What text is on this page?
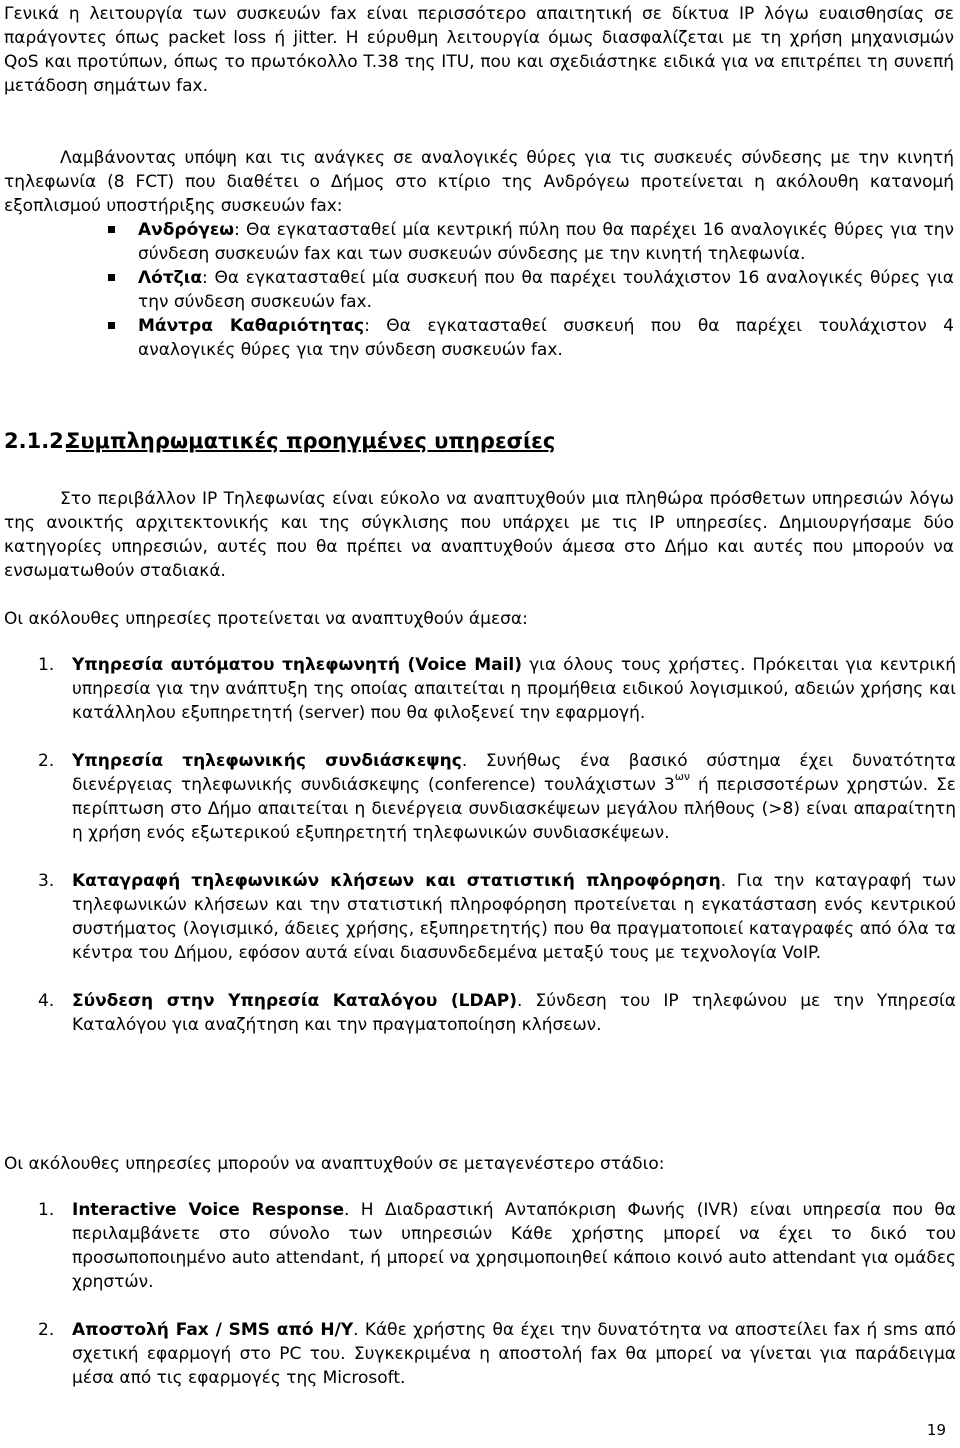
Γενικά η λειτουργία των συσκευών fax είναι περισσότερο απαιτητική σε δίκτυα IP λόγω ευαισθησίας σε παράγοντες όπως packet loss ή jitter. Η εύρυθμη λειτουργία όμως διασφαλίζεται με τη χρήση μηχανισμών QoS και προτύπων, όπως το πρωτόκολλο T.38 της ITU, που και σχεδιάστηκε ειδικά για να επιτρέπει τη συνεπή μετάδοση σημάτων fax.

Λαμβάνοντας υπόψη και τις ανάγκες σε αναλογικές θύρες για τις συσκευές σύνδεσης με την κινητή τηλεφωνία (8 FCT) που διαθέτει ο Δήμος στο κτίριο της Ανδρόγεω προτείνεται η ακόλουθη κατανομή εξοπλισμού υποστήριξης συσκευών fax:

Ανδρόγεω: Θα εγκατασταθεί μία κεντρική πύλη που θα παρέχει 16 αναλογικές θύρες για την σύνδεση συσκευών fax και των συσκευών σύνδεσης με την κινητή τηλεφωνία.
Λότζια: Θα εγκατασταθεί μία συσκευή που θα παρέχει τουλάχιστον 16 αναλογικές θύρες για την σύνδεση συσκευών fax.
Μάντρα Καθαριότητας: Θα εγκατασταθεί συσκευή που θα παρέχει τουλάχιστον 4 αναλογικές θύρες για την σύνδεση συσκευών fax.
2.1.2.Συμπληρωματικές προηγμένες υπηρεσίες

Στο περιβάλλον IP Τηλεφωνίας είναι εύκολο να αναπτυχθούν μια πληθώρα πρόσθετων υπηρεσιών λόγω της ανοικτής αρχιτεκτονικής και της σύγκλισης που υπάρχει με τις IP υπηρεσίες. Δημιουργήσαμε δύο κατηγορίες υπηρεσιών, αυτές που θα πρέπει να αναπτυχθούν άμεσα στο Δήμο και αυτές που μπορούν να ενσωματωθούν σταδιακά.

Οι ακόλουθες υπηρεσίες προτείνεται να αναπτυχθούν άμεσα:

1. Υπηρεσία αυτόματου τηλεφωνητή (Voice Mail) για όλους τους χρήστες. Πρόκειται για κεντρική υπηρεσία για την ανάπτυξη της οποίας απαιτείται η προμήθεια ειδικού λογισμικού, αδειών χρήσης και κατάλληλου εξυπηρετητή (server) που θα φιλοξενεί την εφαρμογή.
2. Υπηρεσία τηλεφωνικής συνδιάσκεψης. Συνήθως ένα βασικό σύστημα έχει δυνατότητα διενέργειας τηλεφωνικής συνδιάσκεψης (conference) τουλάχιστων $3^{\omega\nu}$ ή περισσοτέρων χρηστών. Σε περίπτωση στο Δήμο απαιτείται η διενέργεια συνδιασκέψεων μεγάλου πλήθους (>8) είναι απαραίτητη η χρήση ενός εξωτερικού εξυπηρετητή τηλεφωνικών συνδιασκέψεων.
3. Καταγραφή τηλεφωνικών κλήσεων και στατιστική πληροφόρηση. Για την καταγραφή των τηλεφωνικών κλήσεων και την στατιστική πληροφόρηση προτείνεται η εγκατάσταση ενός κεντρικού συστήματος (λογισμικό, άδειες χρήσης, εξυπηρετητής) που θα πραγματοποιεί καταγραφές από όλα τα κέντρα του Δήμου, εφόσον αυτά είναι διασυνδεδεμένα μεταξύ τους με τεχνολογία VoIP.
4. Σύνδεση στην Υπηρεσία Καταλόγου (LDAP). Σύνδεση του IP τηλεφώνου με την Υπηρεσία Καταλόγου για αναζήτηση και την πραγματοποίηση κλήσεων.

Οι ακόλουθες υπηρεσίες μπορούν να αναπτυχθούν σε μεταγενέστερο στάδιο:

1. Interactive Voice Response. Η Διαδραστική Ανταπόκριση Φωνής (IVR) είναι υπηρεσία που θα περιλαμβάνετε στο σύνολο των υπηρεσιών Κάθε χρήστης μπορεί να έχει το δικό του προσωποποιημένο auto attendant, ή μπορεί να χρησιμοποιηθεί κάποιο κοινό auto attendant για ομάδες χρηστών.
2. Αποστολή Fax / SMS από Η/Υ. Κάθε χρήστης θα έχει την δυνατότητα να αποστείλει fax ή sms από σχετική εφαρμογή στο PC του. Συγκεκριμένα η αποστολή fax θα μπορεί να γίνεται για παράδειγμα μέσα από τις εφαρμογές της Microsoft.
19
